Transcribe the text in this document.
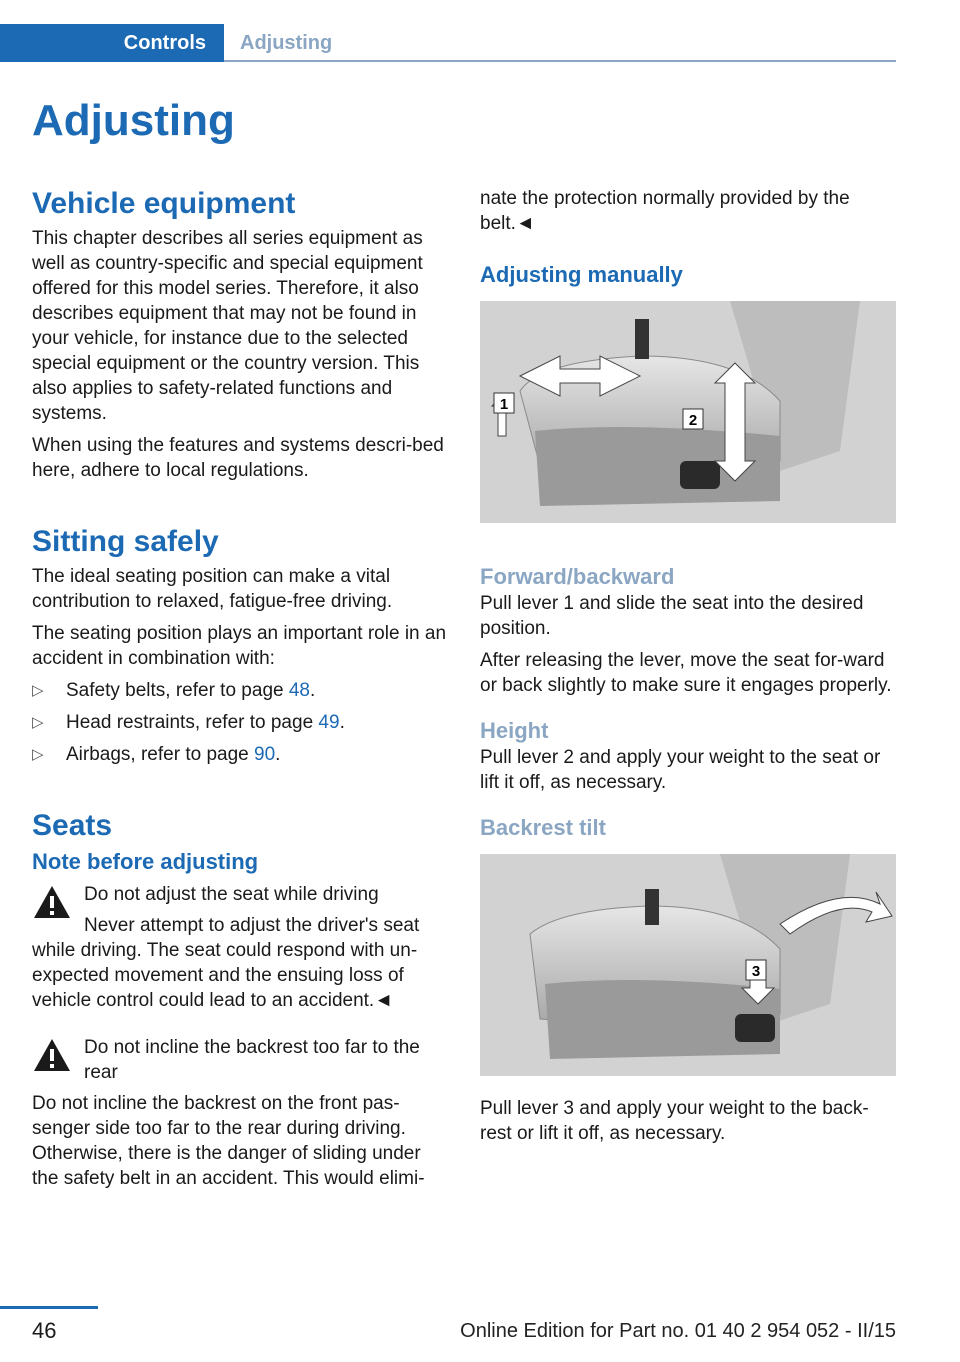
Controls	Adjusting
Adjusting
Vehicle equipment

This chapter describes all series equipment as well as country-specific and special equipment offered for this model series. Therefore, it also describes equipment that may not be found in your vehicle, for instance due to the selected special equipment or the country version. This also applies to safety-related functions and systems.

When using the features and systems descri‐bed here, adhere to local regulations.

Sitting safely

The ideal seating position can make a vital contribution to relaxed, fatigue-free driving.

The seating position plays an important role in an accident in combination with:

▷ Safety belts, refer to page 48.
▷ Head restraints, refer to page 49.
▷ Airbags, refer to page 90.
Seats
Note before adjusting
Do not adjust the seat while driving

Never attempt to adjust the driver's seat

while driving. The seat could respond with un‐expected movement and the ensuing loss of vehicle control could lead to an accident.◄

Do not incline the backrest too far to the rear

Do not incline the backrest on the front pas‐senger side too far to the rear during driving. Otherwise, there is the danger of sliding under the safety belt in an accident. This would elimi‐

nate the protection normally provided by the belt.◄

Adjusting manually
1
2
Forward/backward

Pull lever 1 and slide the seat into the desired position.

After releasing the lever, move the seat for‐ward or back slightly to make sure it engages properly.

Height

Pull lever 2 and apply your weight to the seat or lift it off, as necessary.

Backrest tilt
3

Pull lever 3 and apply your weight to the back‐rest or lift it off, as necessary.

46	Online Edition for Part no. 01 40 2 954 052 - II/15
